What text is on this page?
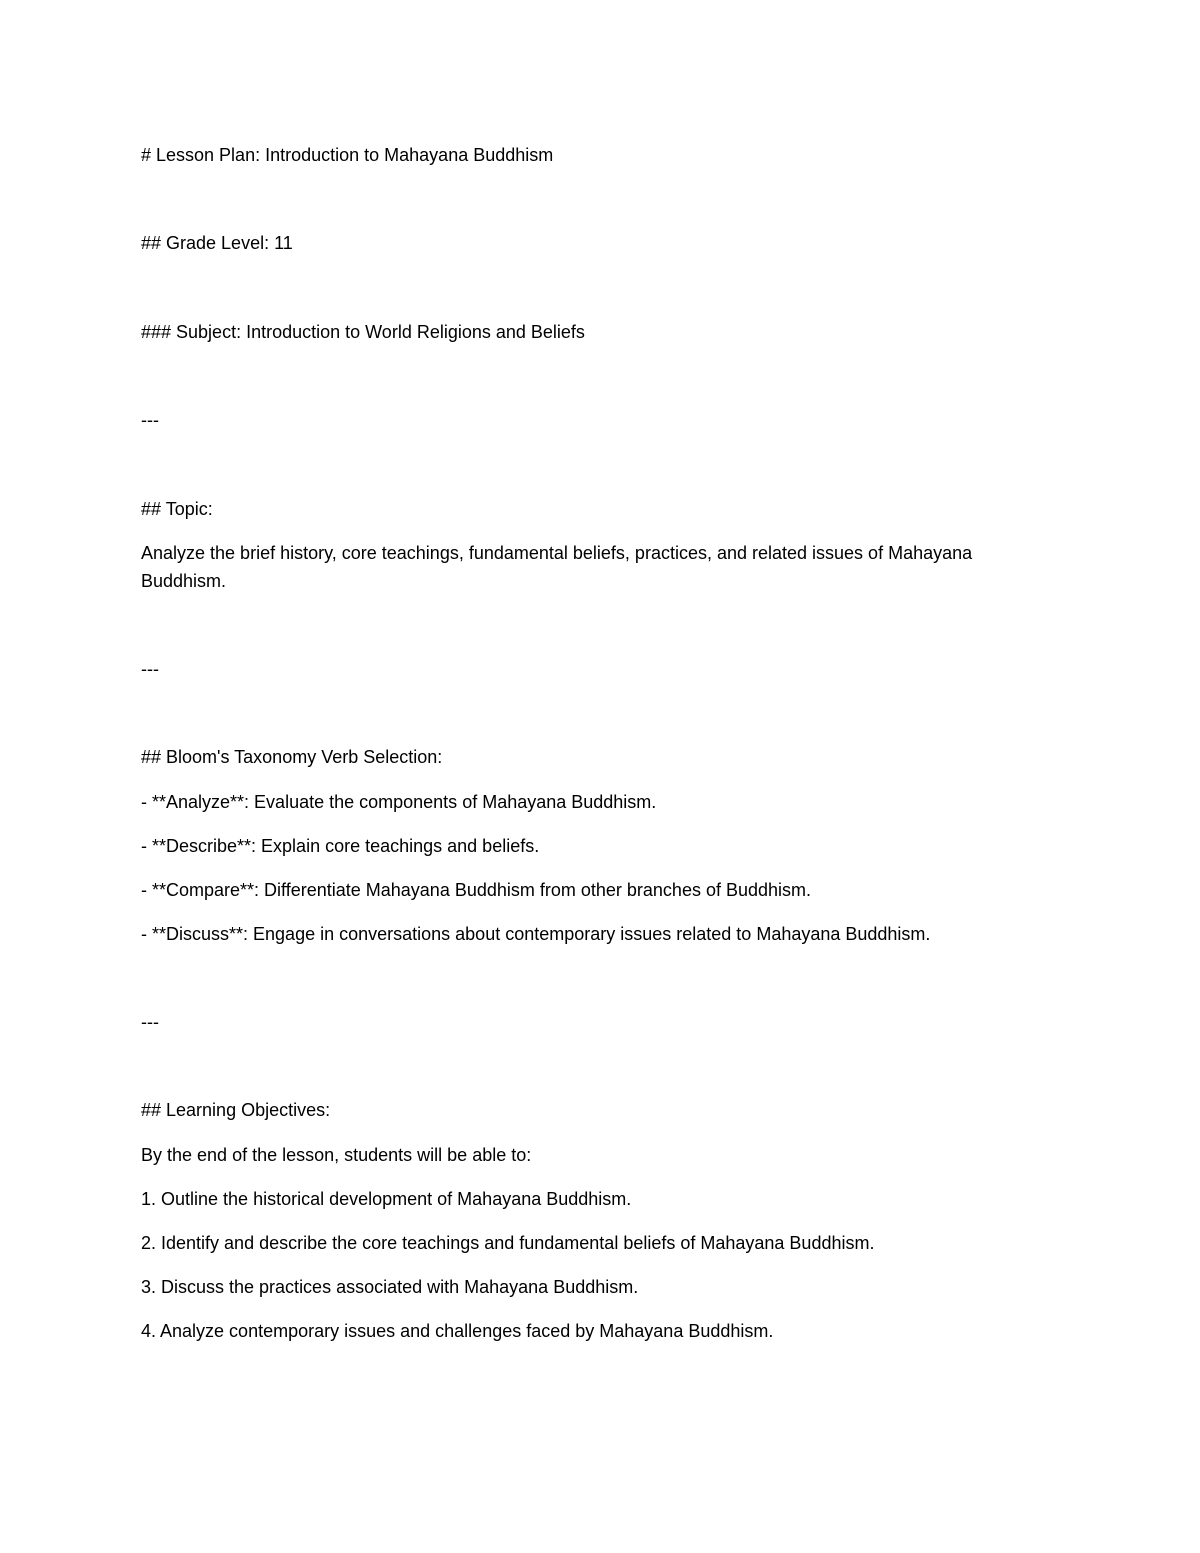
# Lesson Plan: Introduction to Mahayana Buddhism
## Grade Level: 11
### Subject: Introduction to World Religions and Beliefs
---
## Topic:
Analyze the brief history, core teachings, fundamental beliefs, practices, and related issues of Mahayana Buddhism.
---
## Bloom's Taxonomy Verb Selection:
- **Analyze**: Evaluate the components of Mahayana Buddhism.
- **Describe**: Explain core teachings and beliefs.
- **Compare**: Differentiate Mahayana Buddhism from other branches of Buddhism.
- **Discuss**: Engage in conversations about contemporary issues related to Mahayana Buddhism.
---
## Learning Objectives:
By the end of the lesson, students will be able to:
1. Outline the historical development of Mahayana Buddhism.
2. Identify and describe the core teachings and fundamental beliefs of Mahayana Buddhism.
3. Discuss the practices associated with Mahayana Buddhism.
4. Analyze contemporary issues and challenges faced by Mahayana Buddhism.
